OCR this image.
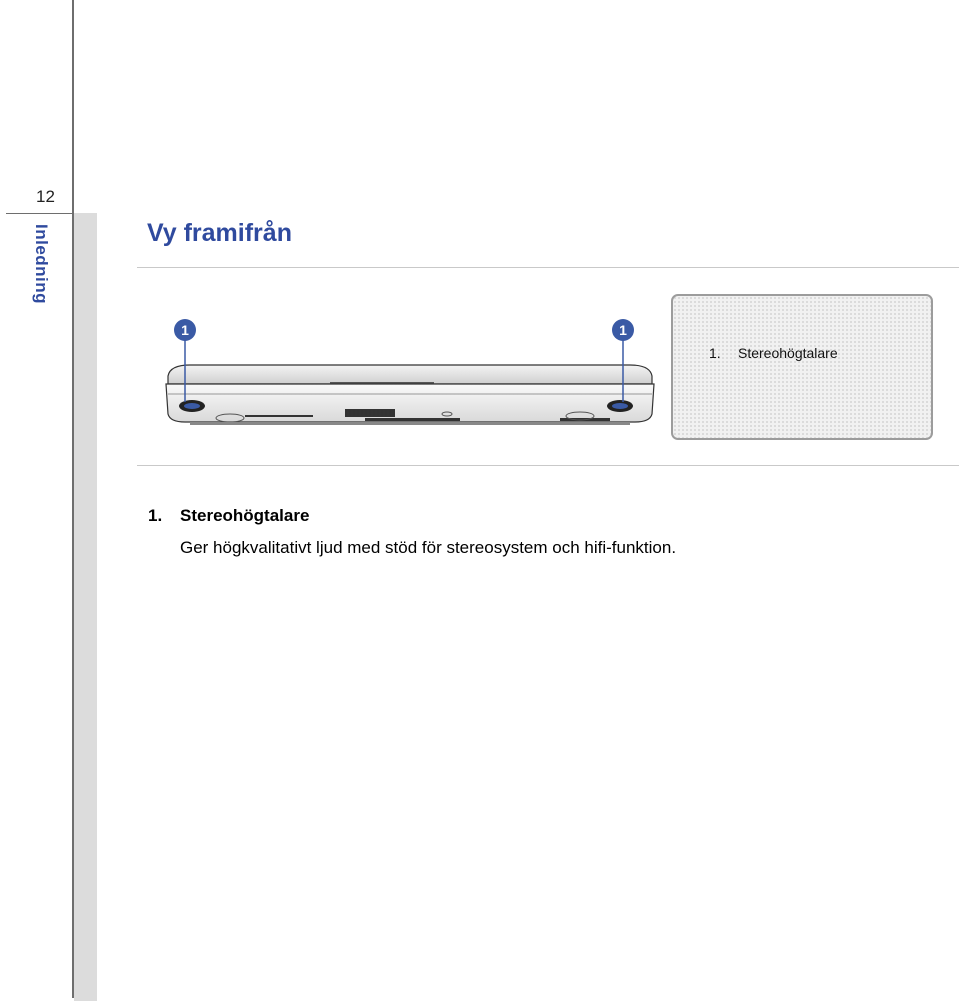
12
Inledning	Vy framifrån
1	1
1. Stereohögtalare
1. Stereohögtalare
Ger högkvalitativt ljud med stöd för stereosystem och hifi-funktion.
